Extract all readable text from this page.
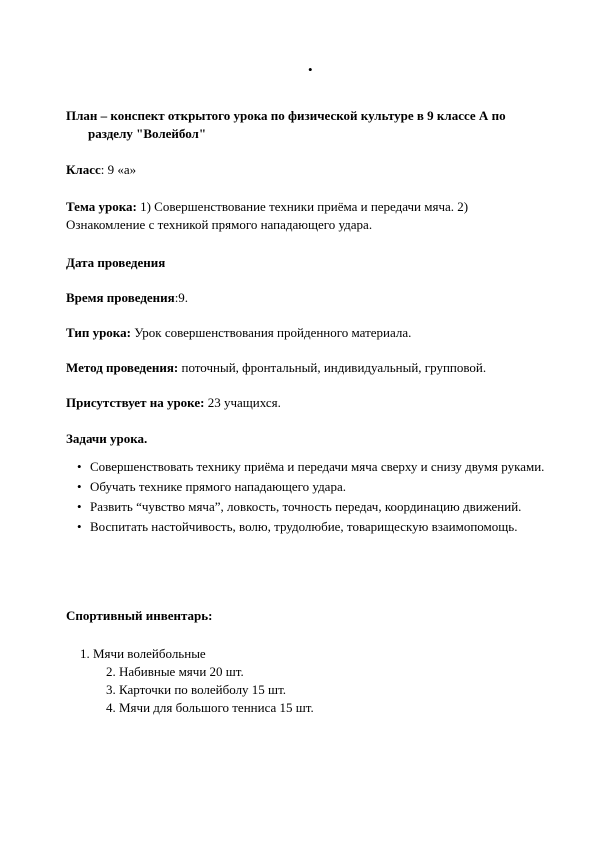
•
План – конспект открытого урока по физической культуре в 9 классе А по
разделу "Волейбол"
Класс: 9 «а»
Тема урока: 1) Совершенствование техники приёма и передачи мяча. 2) Ознакомление с техникой прямого нападающего удара.
Дата проведения
Время проведения:9.
Тип урока: Урок совершенствования пройденного материала.
Метод проведения: поточный, фронтальный, индивидуальный, групповой.
Присутствует на уроке: 23 учащихся.
Задачи урока.
• Совершенствовать технику приёма и передачи мяча сверху и снизу двумя руками.
• Обучать технике прямого нападающего удара.
• Развить “чувство мяча”, ловкость, точность передач, координацию движений.
• Воспитать настойчивость, волю, трудолюбие, товарищескую взаимопомощь.
Спортивный инвентарь:
1. Мячи волейбольные
2. Набивные мячи 20 шт.
3. Карточки по волейболу 15 шт.
4. Мячи для большого тенниса 15 шт.
